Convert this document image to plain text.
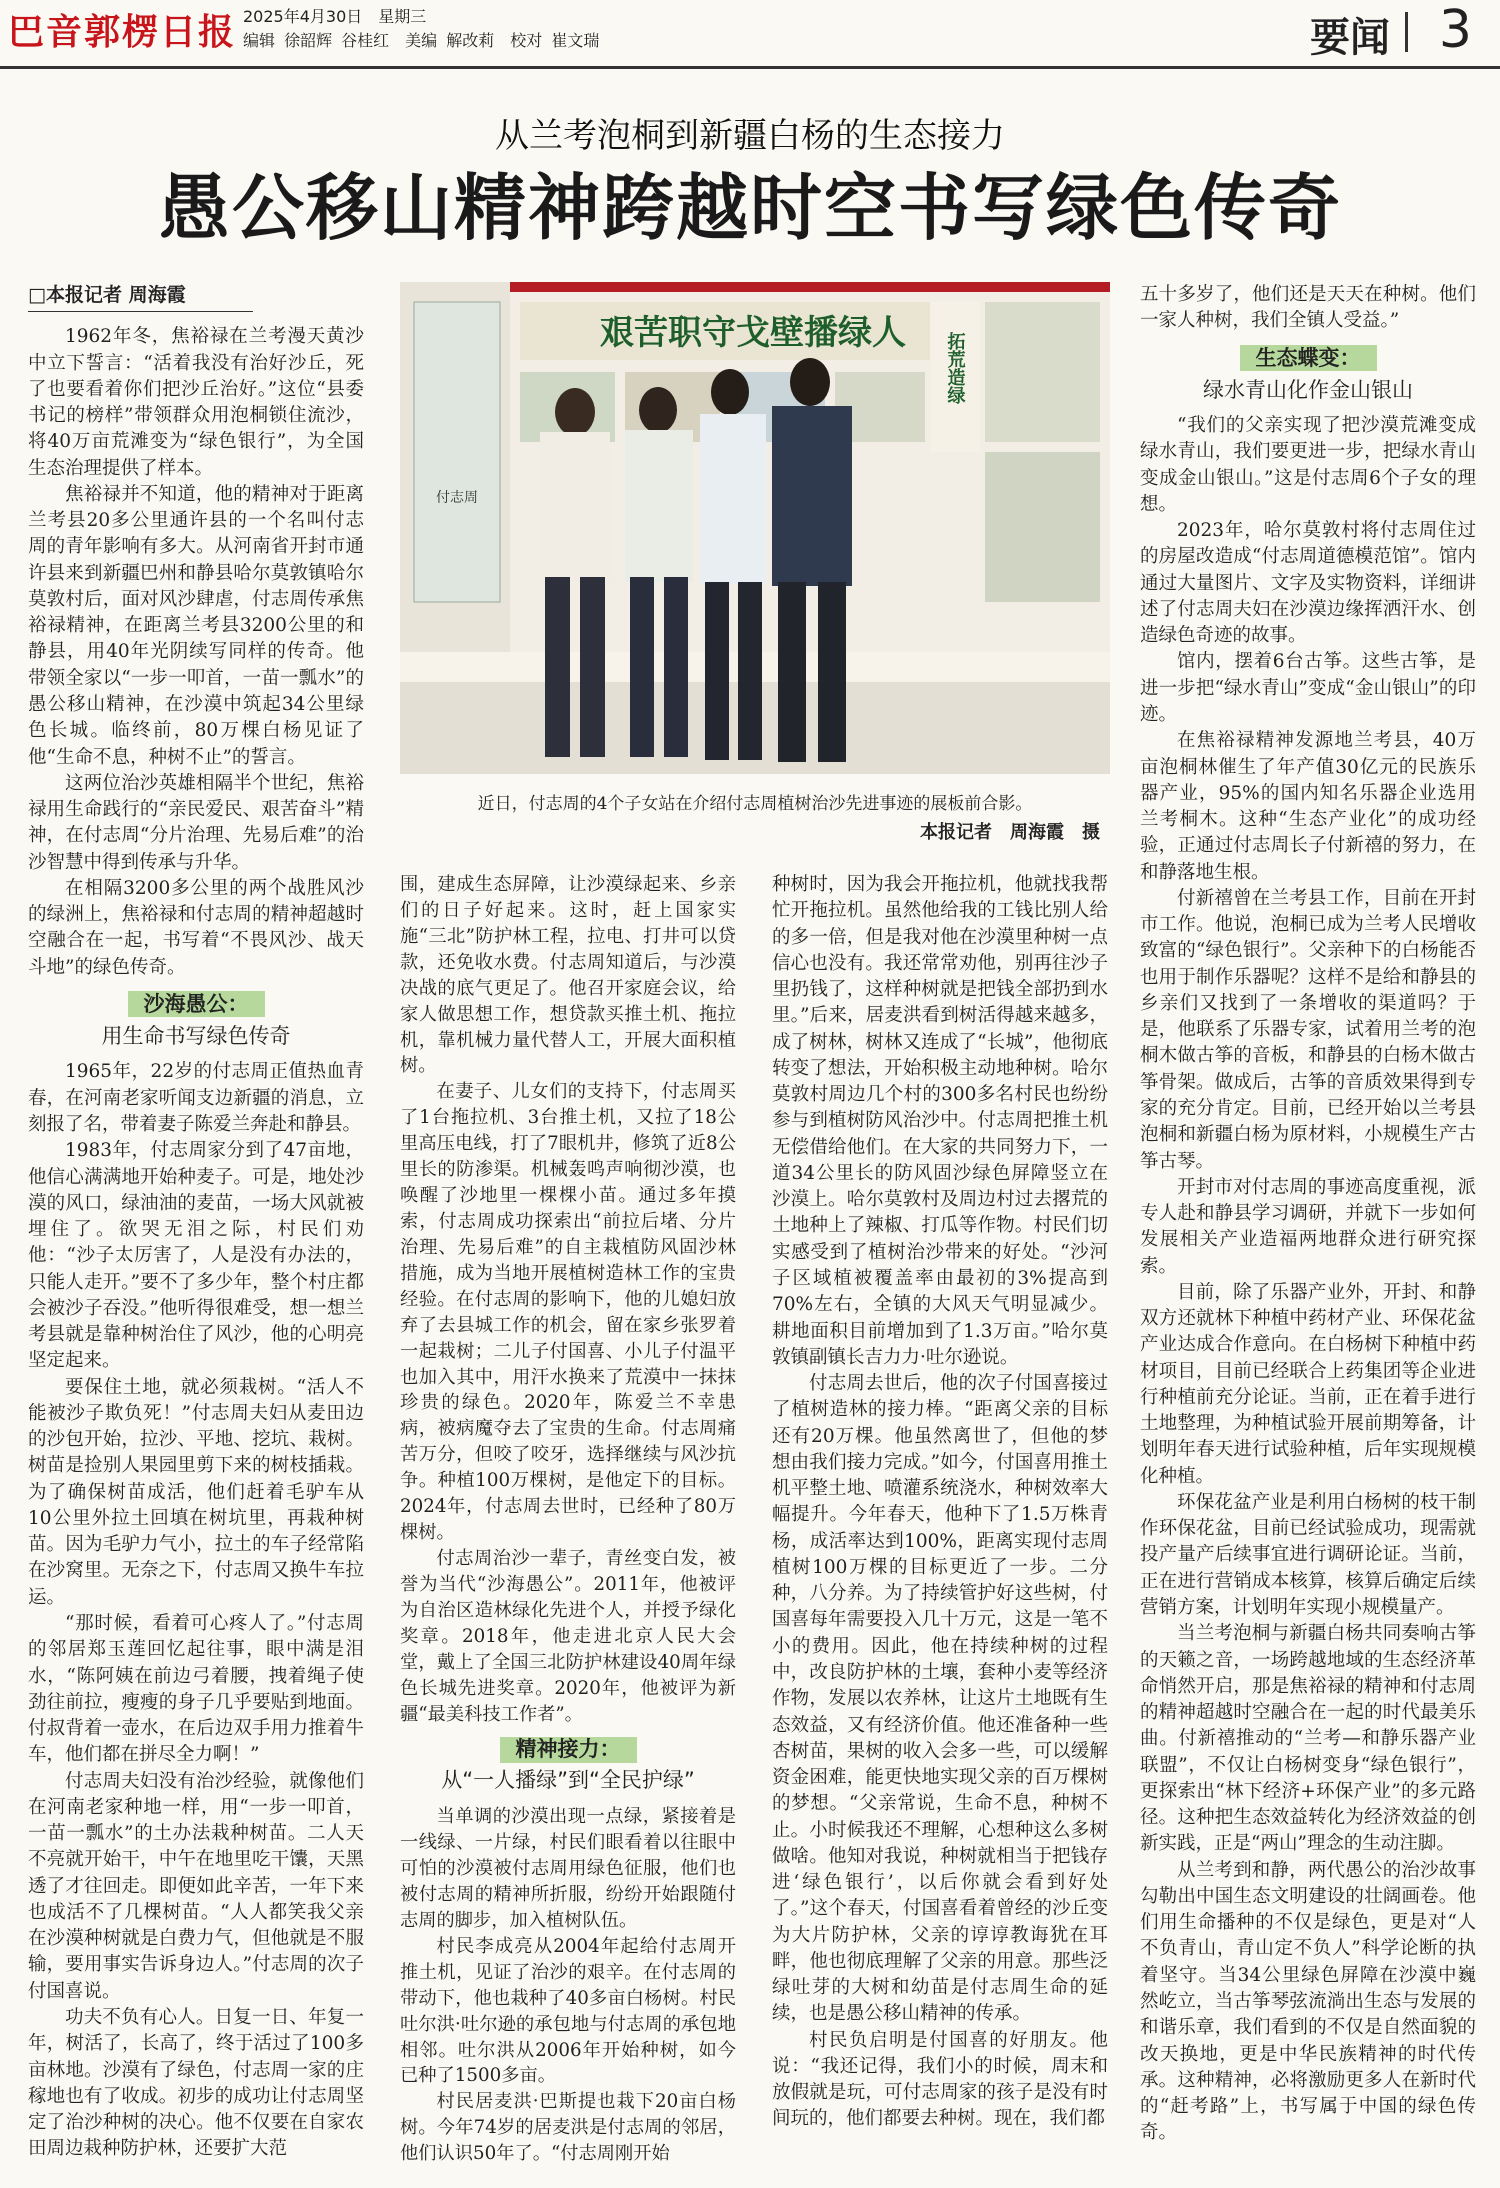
巴音郭楞日报 2025年4月30日　星期三
编辑 徐韶辉 谷桂红　美编 解改莉　校对 崔文瑞	要闻 3
从兰考泡桐到新疆白杨的生态接力
愚公移山精神跨越时空书写绿色传奇
□本报记者 周海霞

1962年冬，焦裕禄在兰考漫天黄沙中立下誓言：“活着我没有治好沙丘，死了也要看着你们把沙丘治好。”这位“县委书记的榜样”带领群众用泡桐锁住流沙，将40万亩荒滩变为“绿色银行”，为全国生态治理提供了样本。

焦裕禄并不知道，他的精神对于距离兰考县20多公里通许县的一个名叫付志周的青年影响有多大。从河南省开封市通许县来到新疆巴州和静县哈尔莫敦镇哈尔莫敦村后，面对风沙肆虐，付志周传承焦裕禄精神，在距离兰考县3200公里的和静县，用40年光阴续写同样的传奇。他带领全家以“一步一叩首，一苗一瓢水”的愚公移山精神，在沙漠中筑起34公里绿色长城。临终前，80万棵白杨见证了他“生命不息，种树不止”的誓言。

这两位治沙英雄相隔半个世纪，焦裕禄用生命践行的“亲民爱民、艰苦奋斗”精神，在付志周“分片治理、先易后难”的治沙智慧中得到传承与升华。

在相隔3200多公里的两个战胜风沙的绿洲上，焦裕禄和付志周的精神超越时空融合在一起，书写着“不畏风沙、战天斗地”的绿色传奇。

沙海愚公：
用生命书写绿色传奇

1965年，22岁的付志周正值热血青春，在河南老家听闻支边新疆的消息，立刻报了名，带着妻子陈爱兰奔赴和静县。

1983年，付志周家分到了47亩地，他信心满满地开始种麦子。可是，地处沙漠的风口，绿油油的麦苗，一场大风就被埋住了。欲哭无泪之际，村民们劝他：“沙子太厉害了，人是没有办法的，只能人走开。”要不了多少年，整个村庄都会被沙子吞没。”他听得很难受，想一想兰考县就是靠种树治住了风沙，他的心明亮坚定起来。

要保住土地，就必须栽树。“活人不能被沙子欺负死！”付志周夫妇从麦田边的沙包开始，拉沙、平地、挖坑、栽树。树苗是捡别人果园里剪下来的树枝插栽。为了确保树苗成活，他们赶着毛驴车从10公里外拉土回填在树坑里，再栽种树苗。因为毛驴力气小，拉土的车子经常陷在沙窝里。无奈之下，付志周又换牛车拉运。

“那时候，看着可心疼人了。”付志周的邻居郑玉莲回忆起往事，眼中满是泪水，“陈阿姨在前边弓着腰，拽着绳子使劲往前拉，瘦瘦的身子几乎要贴到地面。付叔背着一壶水，在后边双手用力推着牛车，他们都在拼尽全力啊！”

付志周夫妇没有治沙经验，就像他们在河南老家种地一样，用“一步一叩首，一苗一瓢水”的土办法栽种树苗。二人天不亮就开始干，中午在地里吃干馕，天黑透了才往回走。即便如此辛苦，一年下来也成活不了几棵树苗。“人人都笑我父亲在沙漠种树就是白费力气，但他就是不服输，要用事实告诉身边人。”付志周的次子付国喜说。

功夫不负有心人。日复一日、年复一年，树活了，长高了，终于活过了100多亩林地。沙漠有了绿色，付志周一家的庄稼地也有了收成。初步的成功让付志周坚定了治沙种树的决心。他不仅要在自家农田周边栽种防护林，还要扩大范

付志周
艰苦职守戈壁播绿人 拓荒造绿
近日，付志周的4个子女站在介绍付志周植树治沙先进事迹的展板前合影。
本报记者　周海霞　摄

围，建成生态屏障，让沙漠绿起来、乡亲们的日子好起来。这时，赶上国家实施“三北”防护林工程，拉电、打井可以贷款，还免收水费。付志周知道后，与沙漠决战的底气更足了。他召开家庭会议，给家人做思想工作，想贷款买推土机、拖拉机，靠机械力量代替人工，开展大面积植树。

在妻子、儿女们的支持下，付志周买了1台拖拉机、3台推土机，又拉了18公里高压电线，打了7眼机井，修筑了近8公里长的防渗渠。机械轰鸣声响彻沙漠，也唤醒了沙地里一棵棵小苗。通过多年摸索，付志周成功探索出“前拉后堵、分片治理、先易后难”的自主栽植防风固沙林措施，成为当地开展植树造林工作的宝贵经验。在付志周的影响下，他的儿媳妇放弃了去县城工作的机会，留在家乡张罗着一起栽树；二儿子付国喜、小儿子付温平也加入其中，用汗水换来了荒漠中一抹抹珍贵的绿色。2020年，陈爱兰不幸患病，被病魔夺去了宝贵的生命。付志周痛苦万分，但咬了咬牙，选择继续与风沙抗争。种植100万棵树，是他定下的目标。2024年，付志周去世时，已经种了80万棵树。

付志周治沙一辈子，青丝变白发，被誉为当代“沙海愚公”。2011年，他被评为自治区造林绿化先进个人，并授予绿化奖章。2018年，他走进北京人民大会堂，戴上了全国三北防护林建设40周年绿色长城先进奖章。2020年，他被评为新疆“最美科技工作者”。

精神接力：
从“一人播绿”到“全民护绿”

当单调的沙漠出现一点绿，紧接着是一线绿、一片绿，村民们眼看着以往眼中可怕的沙漠被付志周用绿色征服，他们也被付志周的精神所折服，纷纷开始跟随付志周的脚步，加入植树队伍。

村民李成亮从2004年起给付志周开推土机，见证了治沙的艰辛。在付志周的带动下，他也栽种了40多亩白杨树。村民吐尔洪·吐尔逊的承包地与付志周的承包地相邻。吐尔洪从2006年开始种树，如今已种了1500多亩。

村民居麦洪·巴斯提也栽下20亩白杨树。今年74岁的居麦洪是付志周的邻居，他们认识50年了。“付志周刚开始

种树时，因为我会开拖拉机，他就找我帮忙开拖拉机。虽然他给我的工钱比别人给的多一倍，但是我对他在沙漠里种树一点信心也没有。我还常常劝他，别再往沙子里扔钱了，这样种树就是把钱全部扔到水里。”后来，居麦洪看到树活得越来越多，成了树林，树林又连成了“长城”，他彻底转变了想法，开始积极主动地种树。哈尔莫敦村周边几个村的300多名村民也纷纷参与到植树防风治沙中。付志周把推土机无偿借给他们。在大家的共同努力下，一道34公里长的防风固沙绿色屏障竖立在沙漠上。哈尔莫敦村及周边村过去撂荒的土地种上了辣椒、打瓜等作物。村民们切实感受到了植树治沙带来的好处。“沙河子区域植被覆盖率由最初的3%提高到70%左右，全镇的大风天气明显减少。耕地面积目前增加到了1.3万亩。”哈尔莫敦镇副镇长吉力力·吐尔逊说。

付志周去世后，他的次子付国喜接过了植树造林的接力棒。“距离父亲的目标还有20万棵。他虽然离世了，但他的梦想由我们接力完成。”如今，付国喜用推土机平整土地、喷灌系统浇水，种树效率大幅提升。今年春天，他种下了1.5万株青杨，成活率达到100%，距离实现付志周植树100万棵的目标更近了一步。二分种，八分养。为了持续管护好这些树，付国喜每年需要投入几十万元，这是一笔不小的费用。因此，他在持续种树的过程中，改良防护林的土壤，套种小麦等经济作物，发展以农养林，让这片土地既有生态效益，又有经济价值。他还准备种一些杏树苗，果树的收入会多一些，可以缓解资金困难，能更快地实现父亲的百万棵树的梦想。“父亲常说，生命不息，种树不止。小时候我还不理解，心想种这么多树做啥。他知对我说，种树就相当于把钱存进‘绿色银行’，以后你就会看到好处了。”这个春天，付国喜看着曾经的沙丘变为大片防护林，父亲的谆谆教诲犹在耳畔，他也彻底理解了父亲的用意。那些泛绿吐芽的大树和幼苗是付志周生命的延续，也是愚公移山精神的传承。

村民负启明是付国喜的好朋友。他说：“我还记得，我们小的时候，周末和放假就是玩，可付志周家的孩子是没有时间玩的，他们都要去种树。现在，我们都

五十多岁了，他们还是天天在种树。他们一家人种树，我们全镇人受益。”

生态蝶变：
绿水青山化作金山银山

“我们的父亲实现了把沙漠荒滩变成绿水青山，我们要更进一步，把绿水青山变成金山银山。”这是付志周6个子女的理想。

2023年，哈尔莫敦村将付志周住过的房屋改造成“付志周道德模范馆”。馆内通过大量图片、文字及实物资料，详细讲述了付志周夫妇在沙漠边缘挥洒汗水、创造绿色奇迹的故事。

馆内，摆着6台古筝。这些古筝，是进一步把“绿水青山”变成“金山银山”的印迹。

在焦裕禄精神发源地兰考县，40万亩泡桐林催生了年产值30亿元的民族乐器产业，95%的国内知名乐器企业选用兰考桐木。这种“生态产业化”的成功经验，正通过付志周长子付新禧的努力，在和静落地生根。

付新禧曾在兰考县工作，目前在开封市工作。他说，泡桐已成为兰考人民增收致富的“绿色银行”。父亲种下的白杨能否也用于制作乐器呢？这样不是给和静县的乡亲们又找到了一条增收的渠道吗？于是，他联系了乐器专家，试着用兰考的泡桐木做古筝的音板，和静县的白杨木做古筝骨架。做成后，古筝的音质效果得到专家的充分肯定。目前，已经开始以兰考县泡桐和新疆白杨为原材料，小规模生产古筝古琴。

开封市对付志周的事迹高度重视，派专人赴和静县学习调研，并就下一步如何发展相关产业造福两地群众进行研究探索。

目前，除了乐器产业外，开封、和静双方还就林下种植中药材产业、环保花盆产业达成合作意向。在白杨树下种植中药材项目，目前已经联合上药集团等企业进行种植前充分论证。当前，正在着手进行土地整理，为种植试验开展前期筹备，计划明年春天进行试验种植，后年实现规模化种植。

环保花盆产业是利用白杨树的枝干制作环保花盆，目前已经试验成功，现需就投产量产后续事宜进行调研论证。当前，正在进行营销成本核算，核算后确定后续营销方案，计划明年实现小规模量产。

当兰考泡桐与新疆白杨共同奏响古筝的天籁之音，一场跨越地域的生态经济革命悄然开启，那是焦裕禄的精神和付志周的精神超越时空融合在一起的时代最美乐曲。付新禧推动的“兰考—和静乐器产业联盟”，不仅让白杨树变身“绿色银行”，更探索出“林下经济+环保产业”的多元路径。这种把生态效益转化为经济效益的创新实践，正是“两山”理念的生动注脚。

从兰考到和静，两代愚公的治沙故事勾勒出中国生态文明建设的壮阔画卷。他们用生命播种的不仅是绿色，更是对“人不负青山，青山定不负人”科学论断的执着坚守。当34公里绿色屏障在沙漠中巍然屹立，当古筝琴弦流淌出生态与发展的和谐乐章，我们看到的不仅是自然面貌的改天换地，更是中华民族精神的时代传承。这种精神，必将激励更多人在新时代的“赶考路”上，书写属于中国的绿色传奇。
